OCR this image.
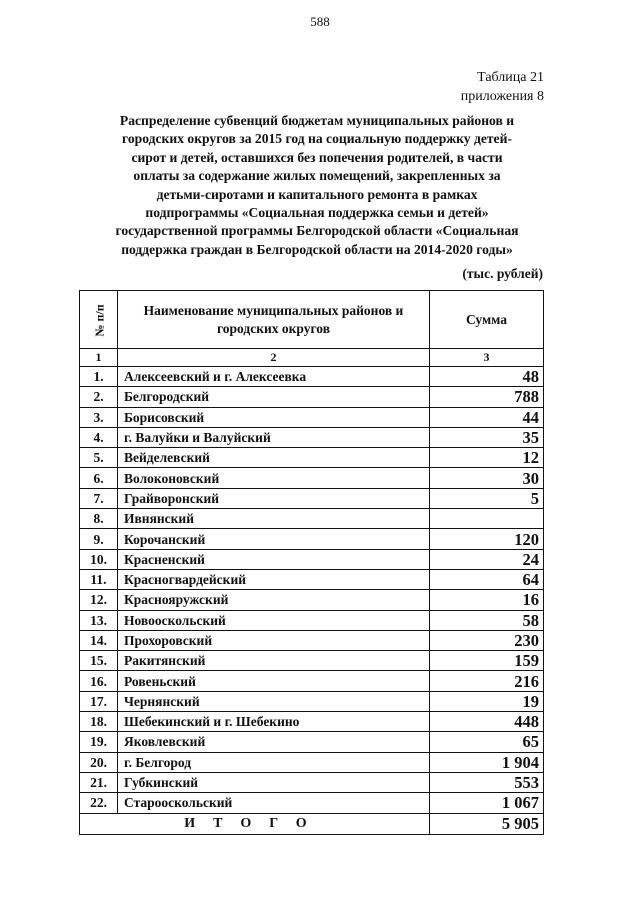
588
Таблица 21
приложения 8
Распределение субвенций бюджетам муниципальных районов и
городских округов за 2015 год на социальную поддержку детей-
сирот и детей, оставшихся без попечения родителей, в части
оплаты за содержание жилых помещений, закрепленных за
детьми-сиротами и капитального ремонта в рамках
подпрограммы «Социальная поддержка семьи и детей»
государственной программы Белгородской области «Социальная
поддержка граждан в Белгородской области на 2014-2020 годы»
(тыс. рублей)
№ п/п	Наименование муниципальных районов и городских округов	Сумма
1	2	3
1.	Алексеевский и г. Алексеевка	48
2.	Белгородский	788
3.	Борисовский	44
4.	г. Валуйки и Валуйский	35
5.	Вейделевский	12
6.	Волоконовский	30
7.	Грайворонский	5
8.	Ивнянский	
9.	Корочанский	120
10.	Красненский	24
11.	Красногвардейский	64
12.	Краснояружский	16
13.	Новооскольский	58
14.	Прохоровский	230
15.	Ракитянский	159
16.	Ровеньский	216
17.	Чернянский	19
18.	Шебекинский и г. Шебекино	448
19.	Яковлевский	65
20.	г. Белгород	1 904
21.	Губкинский	553
22.	Старооскольский	1 067
ИТОГО		5 905
